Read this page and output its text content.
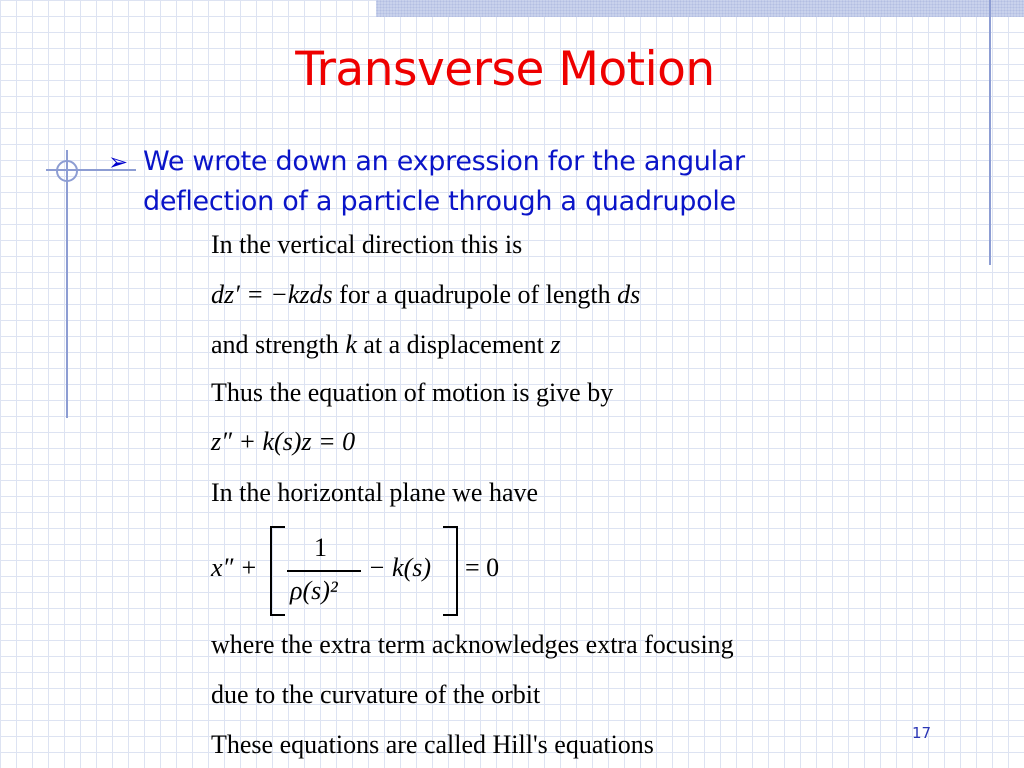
Transverse Motion
➢ We wrote down an expression for the angular deflection of a particle through a quadrupole
In the vertical direction this is
dz′ = −kzds for a quadrupole of length ds
and strength k at a displacement z
Thus the equation of motion is give by
z″ + k(s)z = 0
In the horizontal plane we have
x″ +
1
ρ(s)²
− k(s) = 0
where the extra term acknowledges extra focusing
due to the curvature of the orbit
These equations are called Hill's equations	17
